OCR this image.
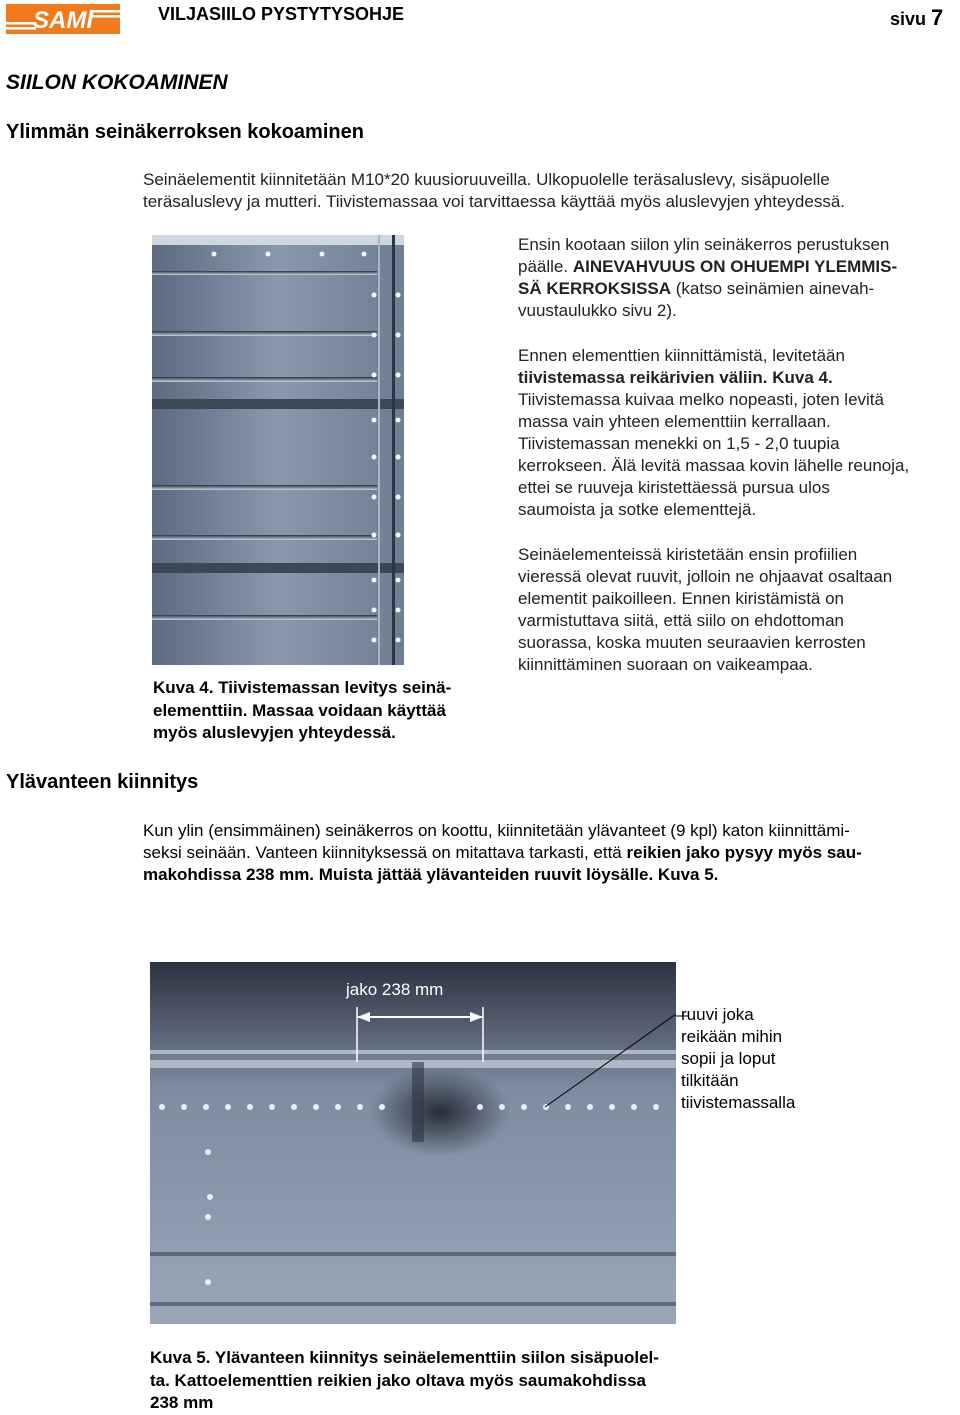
SAMI	VILJASIILO PYSTYTYSOHJE	sivu 7
SIILON KOKOAMINEN
Ylimmän seinäkerroksen kokoaminen
Seinäelementit kiinnitetään M10*20 kuusioruuveilla. Ulkopuolelle teräsaluslevy, sisäpuolelle
teräsaluslevy ja mutteri. Tiivistemassaa voi tarvittaessa käyttää myös aluslevyjen yhteydessä.
Ensin kootaan siilon ylin seinäkerros perustuksen
päälle. AINEVAHVUUS ON OHUEMPI YLEMMIS-
SÄ KERROKSISSA (katso seinämien ainevah-
vuustaulukko sivu 2).
Ennen elementtien kiinnittämistä, levitetään
tiivistemassa reikärivien väliin. Kuva 4.
Tiivistemassa kuivaa melko nopeasti, joten levitä
massa vain yhteen elementtiin kerrallaan.
Tiivistemassan menekki on 1,5 - 2,0 tuupia
kerrokseen. Älä levitä massaa kovin lähelle reunoja,
ettei se ruuveja kiristettäessä pursua ulos
saumoista ja sotke elementtejä.
Seinäelementeissä kiristetään ensin profiilien
vieressä olevat ruuvit, jolloin ne ohjaavat osaltaan
elementit paikoilleen. Ennen kiristämistä on
varmistuttava siitä, että siilo on ehdottoman
suorassa, koska muuten seuraavien kerrosten
kiinnittäminen suoraan on vaikeampaa.
Kuva 4. Tiivistemassan levitys seinä-
elementtiin. Massaa voidaan käyttää
myös aluslevyjen yhteydessä.
Ylävanteen kiinnitys
Kun ylin (ensimmäinen) seinäkerros on koottu, kiinnitetään ylävanteet (9 kpl) katon kiinnittämi-
seksi seinään. Vanteen kiinnityksessä on mitattava tarkasti, että reikien jako pysyy myös sau-
makohdissa 238 mm. Muista jättää ylävanteiden ruuvit löysälle. Kuva 5.
jako 238 mm
ruuvi joka
reikään mihin
sopii ja loput
tilkitään
tiivistemassalla
Kuva 5. Ylävanteen kiinnitys seinäelementtiin siilon sisäpuolel-
ta. Kattoelementtien reikien jako oltava myös saumakohdissa
238 mm
